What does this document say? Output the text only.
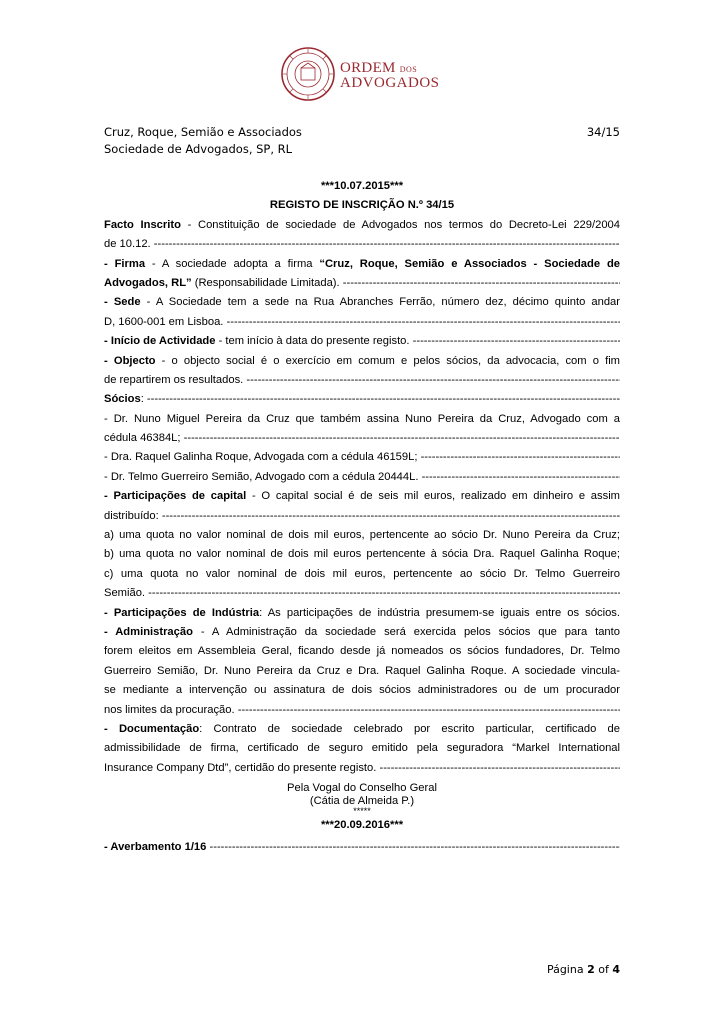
ORDEM DOS
ADVOGADOS
Cruz, Roque, Semião e Associados
Sociedade de Advogados, SP, RL
34/15
***10.07.2015***
REGISTO DE INSCRIÇÃO N.º 34/15
Facto Inscrito - Constituição de sociedade de Advogados nos termos do Decreto-Lei 229/2004
de 10.12. -----
- Firma - A sociedade adopta a firma “Cruz, Roque, Semião e Associados - Sociedade de
Advogados, RL” (Responsabilidade Limitada). -----
- Sede - A Sociedade tem a sede na Rua Abranches Ferrão, número dez, décimo quinto andar
D, 1600-001 em Lisboa. -----
- Início de Actividade - tem início à data do presente registo. -----
- Objecto - o objecto social é o exercício em comum e pelos sócios, da advocacia, com o fim
de repartirem os resultados. -----
Sócios: -----
- Dr. Nuno Miguel Pereira da Cruz que também assina Nuno Pereira da Cruz, Advogado com a
cédula 46384L; -----
- Dra. Raquel Galinha Roque, Advogada com a cédula 46159L; -----
- Dr. Telmo Guerreiro Semião, Advogado com a cédula 20444L. -----
- Participações de capital - O capital social é de seis mil euros, realizado em dinheiro e assim
distribuído: -----
a) uma quota no valor nominal de dois mil euros, pertencente ao sócio Dr. Nuno Pereira da Cruz;
b) uma quota no valor nominal de dois mil euros pertencente à sócia Dra. Raquel Galinha Roque;
c) uma quota no valor nominal de dois mil euros, pertencente ao sócio Dr. Telmo Guerreiro
Semião. -----
- Participações de Indústria: As participações de indústria presumem-se iguais entre os sócios.
- Administração - A Administração da sociedade será exercida pelos sócios que para tanto
forem eleitos em Assembleia Geral, ficando desde já nomeados os sócios fundadores, Dr. Telmo
Guerreiro Semião, Dr. Nuno Pereira da Cruz e Dra. Raquel Galinha Roque. A sociedade vincula-
se mediante a intervenção ou assinatura de dois sócios administradores ou de um procurador
nos limites da procuração. -----
- Documentação: Contrato de sociedade celebrado por escrito particular, certificado de
admissibilidade de firma, certificado de seguro emitido pela seguradora “Markel International
Insurance Company Dtd”, certidão do presente registo. -----
Pela Vogal do Conselho Geral
(Cátia de Almeida P.)
*****
***20.09.2016***
- Averbamento 1/16 -----
Página 2 of 4
